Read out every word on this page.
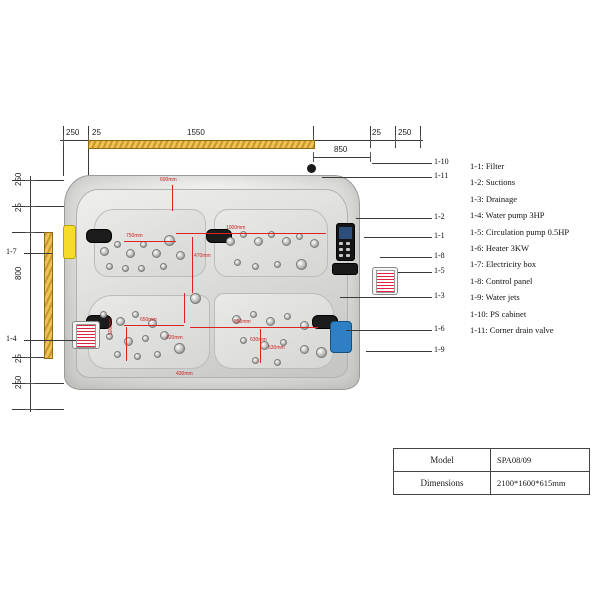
250 25	1550
850
25 250
250
25
800
25
250
600mm
750mm
1000mm
470mm
650mm	850mm
500mm
420mm	630mm
530mm
430mm
1-10
1-11
1-2
1-1
1-8
1-5
1-3
1-6
1-9
1-7
1-4
1-1: Filter
1-2: Suctions
1-3: Drainage
1-4: Water pump 3HP
1-5: Circulation pump 0.5HP
1-6: Heater 3KW
1-7: Electricity box
1-8: Control panel
1-9: Water jets
1-10: PS cabinet
1-11: Corner drain valve
Model	SPA08/09
Dimensions	2100*1600*615mm
